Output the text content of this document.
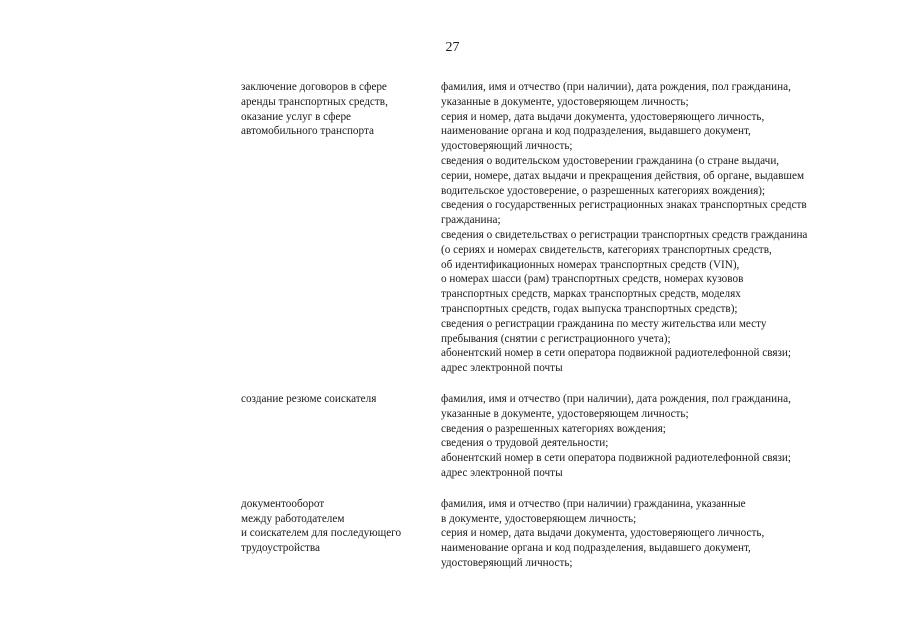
27
заключение договоров в сфере
аренды транспортных средств,
оказание услуг в сфере
автомобильного транспорта
фамилия, имя и отчество (при наличии), дата рождения, пол гражданина,
указанные в документе, удостоверяющем личность;
серия и номер, дата выдачи документа, удостоверяющего личность,
наименование органа и код подразделения, выдавшего документ,
удостоверяющий личность;
сведения о водительском удостоверении гражданина (о стране выдачи,
серии, номере, датах выдачи и прекращения действия, об органе, выдавшем
водительское удостоверение, о разрешенных категориях вождения);
сведения о государственных регистрационных знаках транспортных средств
гражданина;
сведения о свидетельствах о регистрации транспортных средств гражданина
(о сериях и номерах свидетельств, категориях транспортных средств,
об идентификационных номерах транспортных средств (VIN),
о номерах шасси (рам) транспортных средств, номерах кузовов
транспортных средств, марках транспортных средств, моделях
транспортных средств, годах выпуска транспортных средств);
сведения о регистрации гражданина по месту жительства или месту
пребывания (снятии с регистрационного учета);
абонентский номер в сети оператора подвижной радиотелефонной связи;
адрес электронной почты
создание резюме соискателя	фамилия, имя и отчество (при наличии), дата рождения, пол гражданина,
указанные в документе, удостоверяющем личность;
сведения о разрешенных категориях вождения;
сведения о трудовой деятельности;
абонентский номер в сети оператора подвижной радиотелефонной связи;
адрес электронной почты
документооборот
между работодателем
и соискателем для последующего
трудоустройства
фамилия, имя и отчество (при наличии) гражданина, указанные
в документе, удостоверяющем личность;
серия и номер, дата выдачи документа, удостоверяющего личность,
наименование органа и код подразделения, выдавшего документ,
удостоверяющий личность;
